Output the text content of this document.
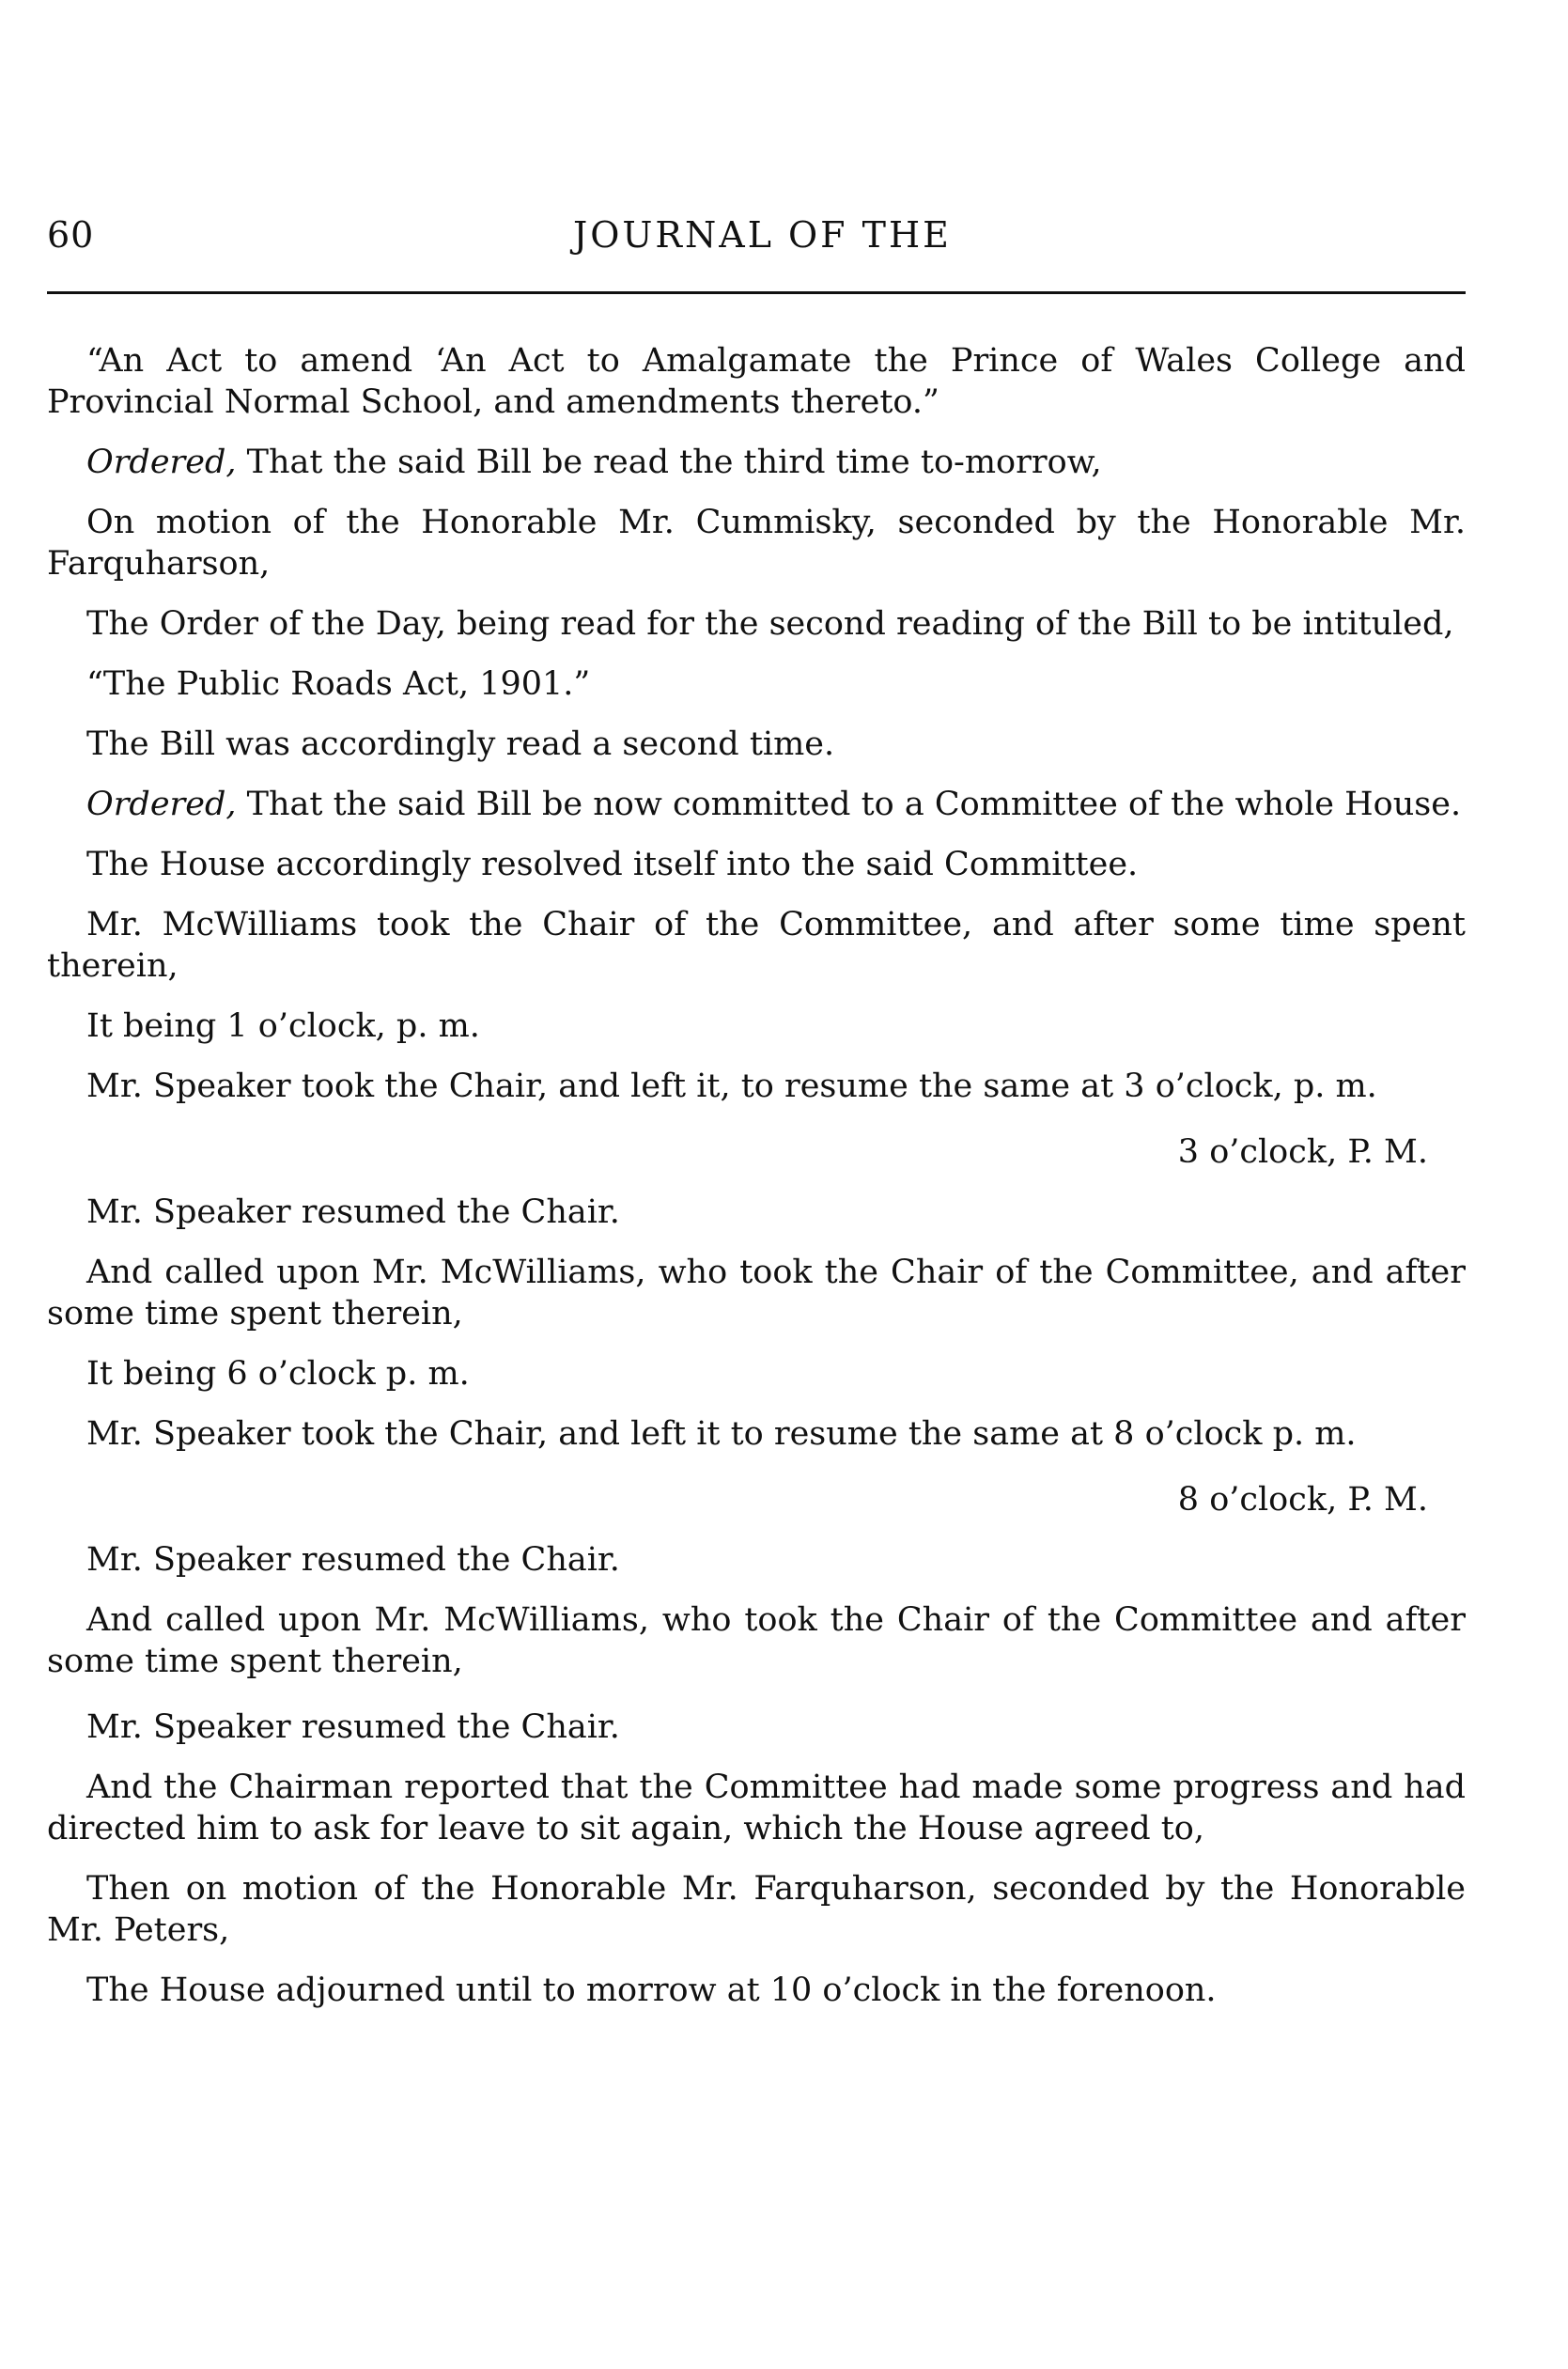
60	JOURNAL OF THE

“An Act to amend ‘An Act to Amalgamate the Prince of Wales College and Provincial Normal School, and amendments thereto.”

Ordered, That the said Bill be read the third time to-morrow,

On motion of the Honorable Mr. Cummisky, seconded by the Honorable Mr. Farquharson,

The Order of the Day, being read for the second reading of the Bill to be intituled,

“The Public Roads Act, 1901.”

The Bill was accordingly read a second time.

Ordered, That the said Bill be now committed to a Committee of the whole House.

The House accordingly resolved itself into the said Committee.

Mr. McWilliams took the Chair of the Committee, and after some time spent therein,

It being 1 o’clock, p. m.

Mr. Speaker took the Chair, and left it, to resume the same at 3 o’clock, p. m.

3 o’clock, P. M.

Mr. Speaker resumed the Chair.

And called upon Mr. McWilliams, who took the Chair of the Committee, and after some time spent therein,

It being 6 o’clock p. m.

Mr. Speaker took the Chair, and left it to resume the same at 8 o’clock p. m.

8 o’clock, P. M.

Mr. Speaker resumed the Chair.

And called upon Mr. McWilliams, who took the Chair of the Committee and after some time spent therein,

Mr. Speaker resumed the Chair.

And the Chairman reported that the Committee had made some progress and had directed him to ask for leave to sit again, which the House agreed to,

Then on motion of the Honorable Mr. Farquharson, seconded by the Honorable Mr. Peters,

The House adjourned until to morrow at 10 o’clock in the forenoon.
